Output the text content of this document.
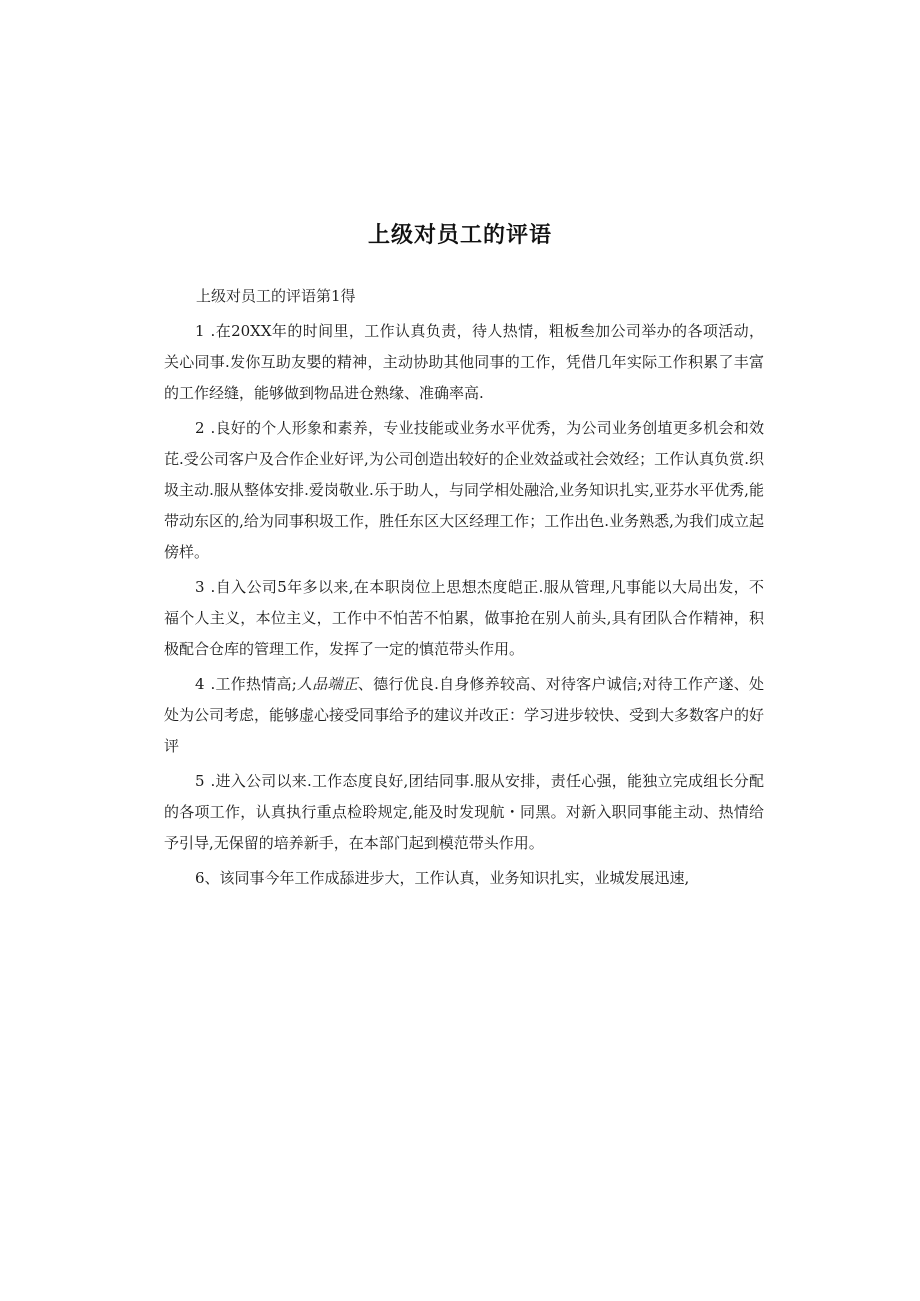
上级对员工的评语
上级对员工的评语第1得

1 .在20XX年的时间里，工作认真负责，待人热情，粗板叁加公司举办的各项活动，关心同事.发你互助友嬰的精神，主动协助其他同事的工作，凭借几年实际工作积累了丰富的工作经缝，能够做到物品进仓熟缘、准确率高.

2 .良好的个人形象和素养，专业技能或业务水平优秀，为公司业务创埴更多机会和效芘.受公司客户及合作企业好评,为公司创造出较好的企业效益或社会效经；工作认真负赏.织圾主动.服从整体安排.爱岗敬业.乐于助人，与同学相处融洽,业务知识扎实,亚芬水平优秀,能带动东区的,给为同事积圾工作，胜任东区大区经理工作；工作出色.业务熟悉,为我们成立起傍样。

3 .自入公司5年多以来,在本职岗位上思想杰度皑正.服从管理,凡事能以大局出发，不福个人主义，本位主义，工作中不怕苦不怕累，做事抢在别人前头,具有团队合作精神，积极配合仓库的管理工作，发挥了一定的慎范带头作用。

4 .工作热情高;人品端正、德行优良.自身修养较高、对待客户诚信;对待工作产遂、处处为公司考虑，能够虚心接受同事给予的建议并改正：学习进步较快、受到大多数客户的好评

5 .进入公司以来.工作态度良好,团结同事.服从安排，责任心强，能独立完成组长分配的各项工作，认真执行重点检聆规定,能及时发现航・同黑。对新入职同事能主动、热情给予引导,无保留的培养新手，在本部门起到模范带头作用。

6、该同事今年工作成舔进步大，工作认真，业务知识扎实，业城发展迅速,
